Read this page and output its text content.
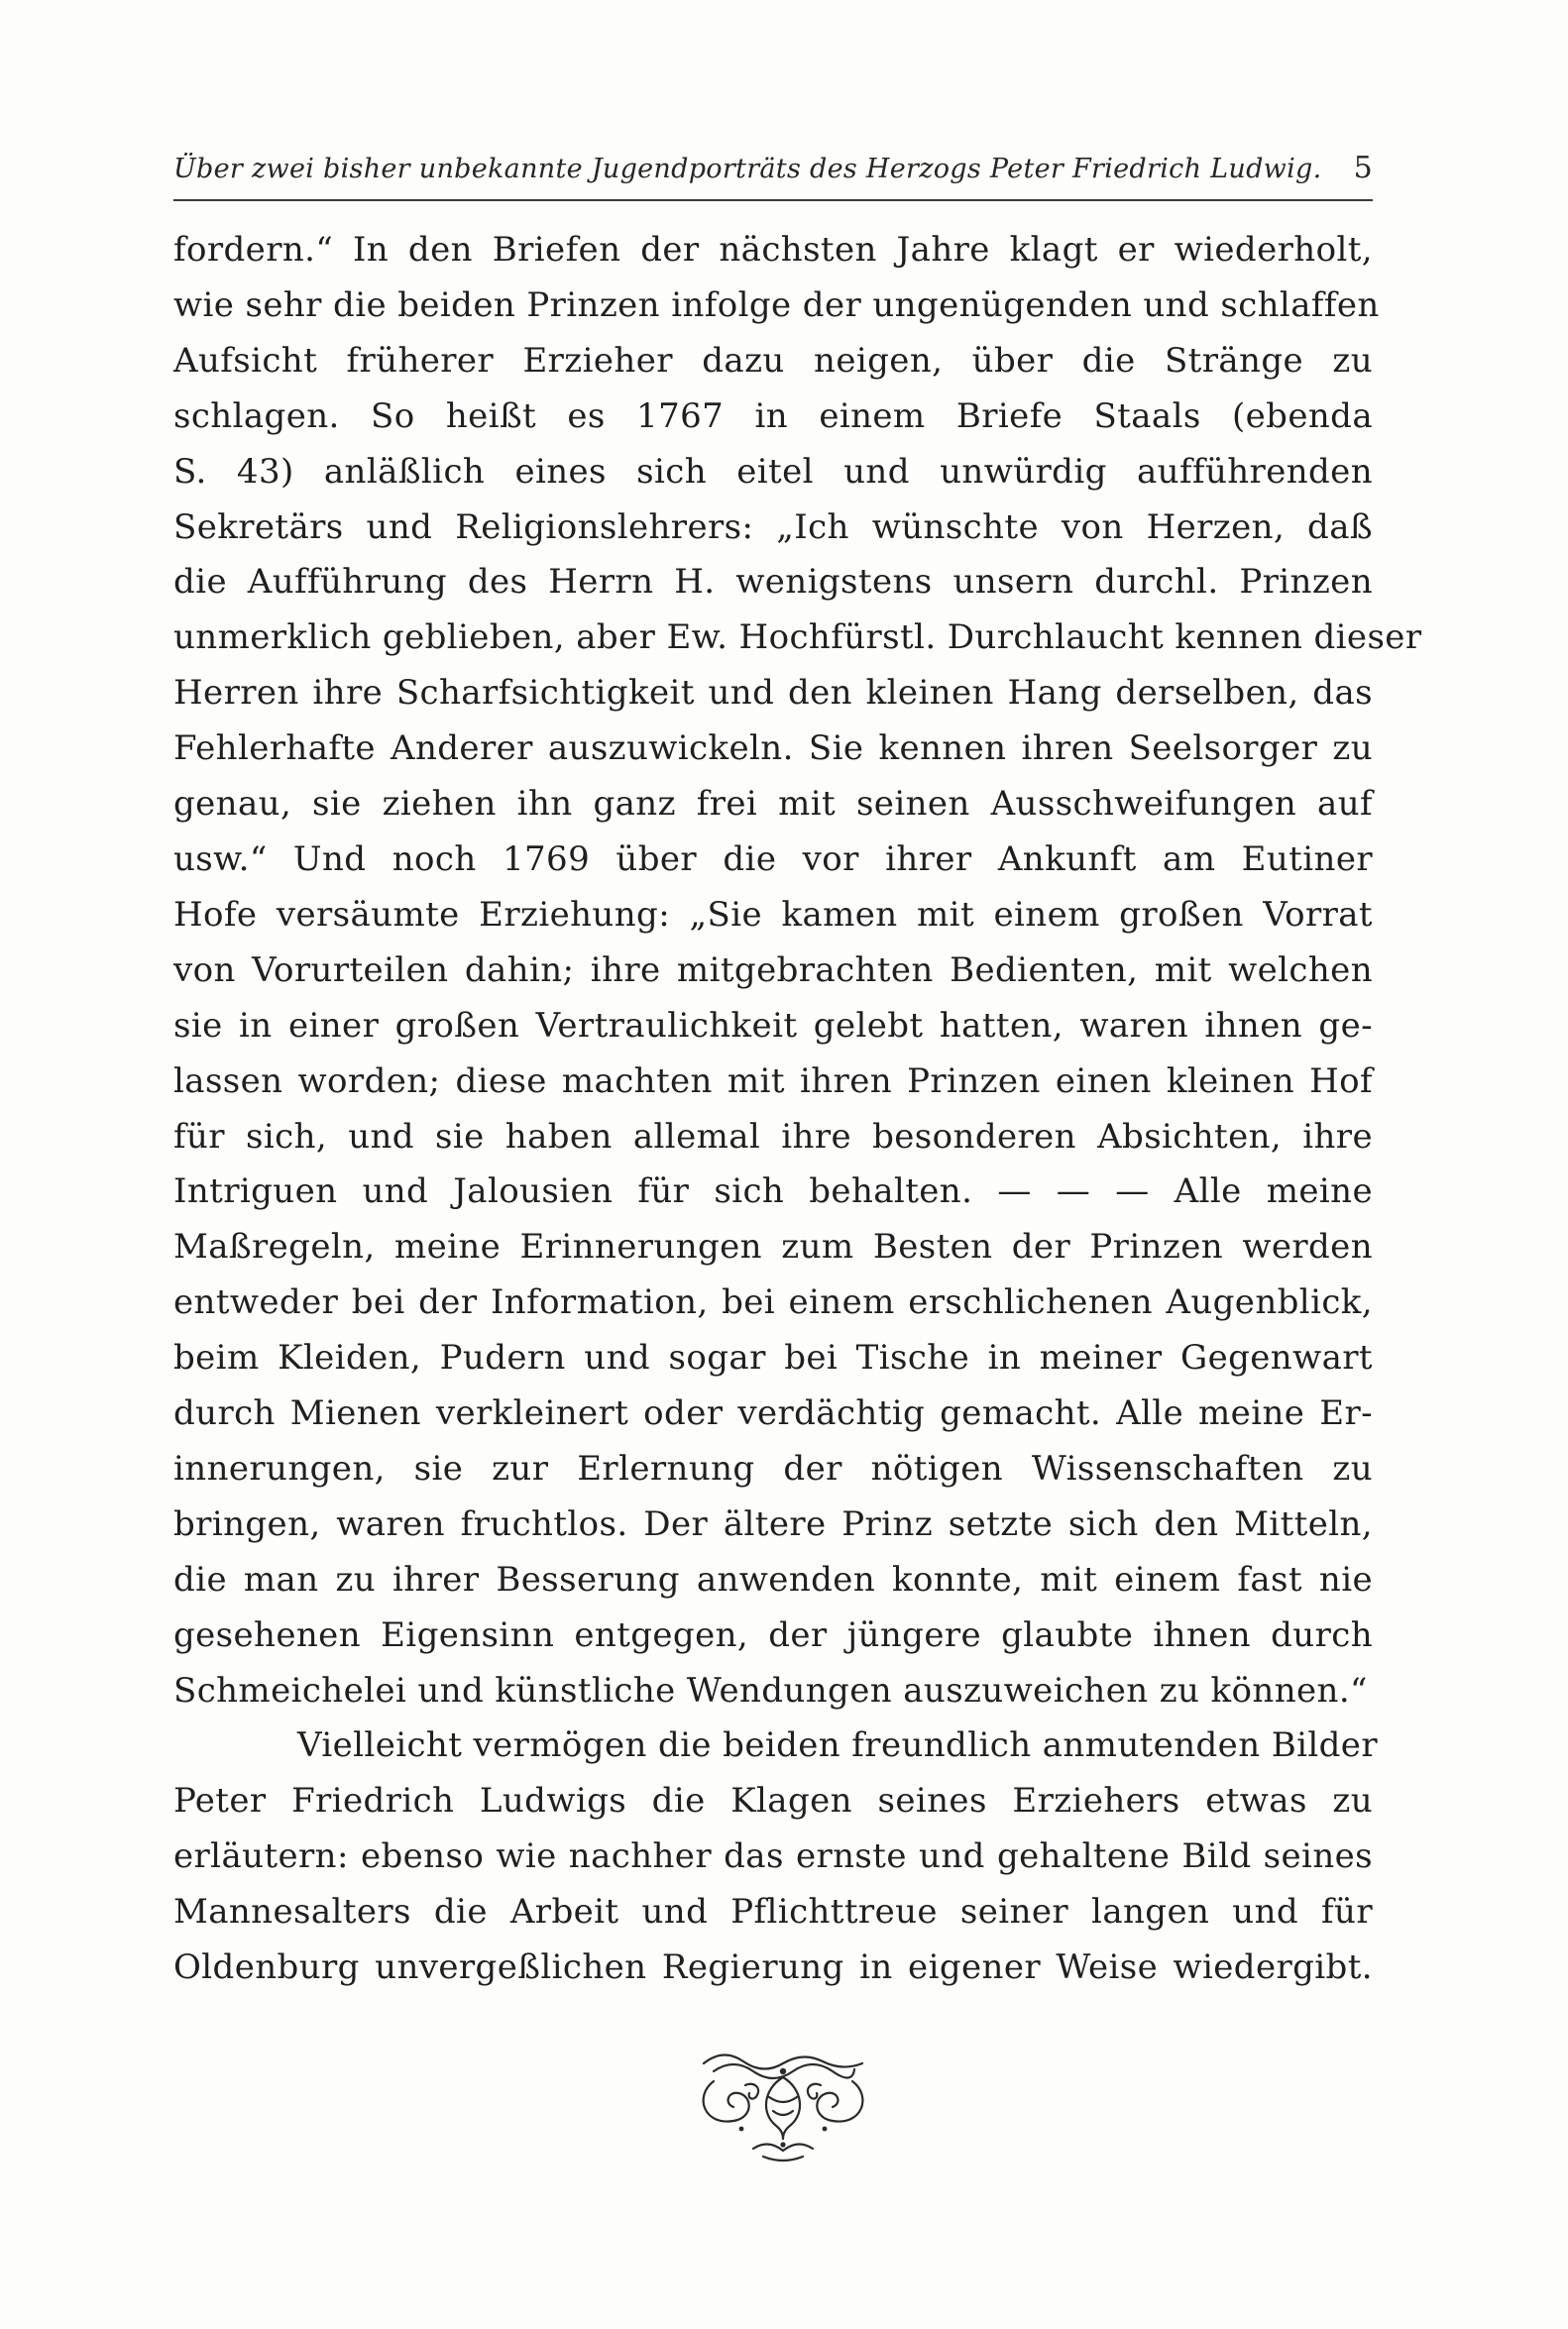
Über zwei bisher unbekannte Jugendporträts des Herzogs Peter Friedrich Ludwig. 5
fordern.“ In den Briefen der nächsten Jahre klagt er wiederholt,
wie sehr die beiden Prinzen infolge der ungenügenden und schlaffen
Aufsicht früherer Erzieher dazu neigen, über die Stränge zu
schlagen. So heißt es 1767 in einem Briefe Staals (ebenda
S. 43) anläßlich eines sich eitel und unwürdig aufführenden
Sekretärs und Religionslehrers: „Ich wünschte von Herzen, daß
die Aufführung des Herrn H. wenigstens unsern durchl. Prinzen
unmerklich geblieben, aber Ew. Hochfürstl. Durchlaucht kennen dieser
Herren ihre Scharfsichtigkeit und den kleinen Hang derselben, das
Fehlerhafte Anderer auszuwickeln. Sie kennen ihren Seelsorger zu
genau, sie ziehen ihn ganz frei mit seinen Ausschweifungen auf
usw.“ Und noch 1769 über die vor ihrer Ankunft am Eutiner
Hofe versäumte Erziehung: „Sie kamen mit einem großen Vorrat
von Vorurteilen dahin; ihre mitgebrachten Bedienten, mit welchen
sie in einer großen Vertraulichkeit gelebt hatten, waren ihnen ge-
lassen worden; diese machten mit ihren Prinzen einen kleinen Hof
für sich, und sie haben allemal ihre besonderen Absichten, ihre
Intriguen und Jalousien für sich behalten. — — — Alle meine
Maßregeln, meine Erinnerungen zum Besten der Prinzen werden
entweder bei der Information, bei einem erschlichenen Augenblick,
beim Kleiden, Pudern und sogar bei Tische in meiner Gegenwart
durch Mienen verkleinert oder verdächtig gemacht. Alle meine Er-
innerungen, sie zur Erlernung der nötigen Wissenschaften zu
bringen, waren fruchtlos. Der ältere Prinz setzte sich den Mitteln,
die man zu ihrer Besserung anwenden konnte, mit einem fast nie
gesehenen Eigensinn entgegen, der jüngere glaubte ihnen durch
Schmeichelei und künstliche Wendungen auszuweichen zu können.“
Vielleicht vermögen die beiden freundlich anmutenden Bilder
Peter Friedrich Ludwigs die Klagen seines Erziehers etwas zu
erläutern: ebenso wie nachher das ernste und gehaltene Bild seines
Mannesalters die Arbeit und Pflichttreue seiner langen und für
Oldenburg unvergeßlichen Regierung in eigener Weise wiedergibt.
